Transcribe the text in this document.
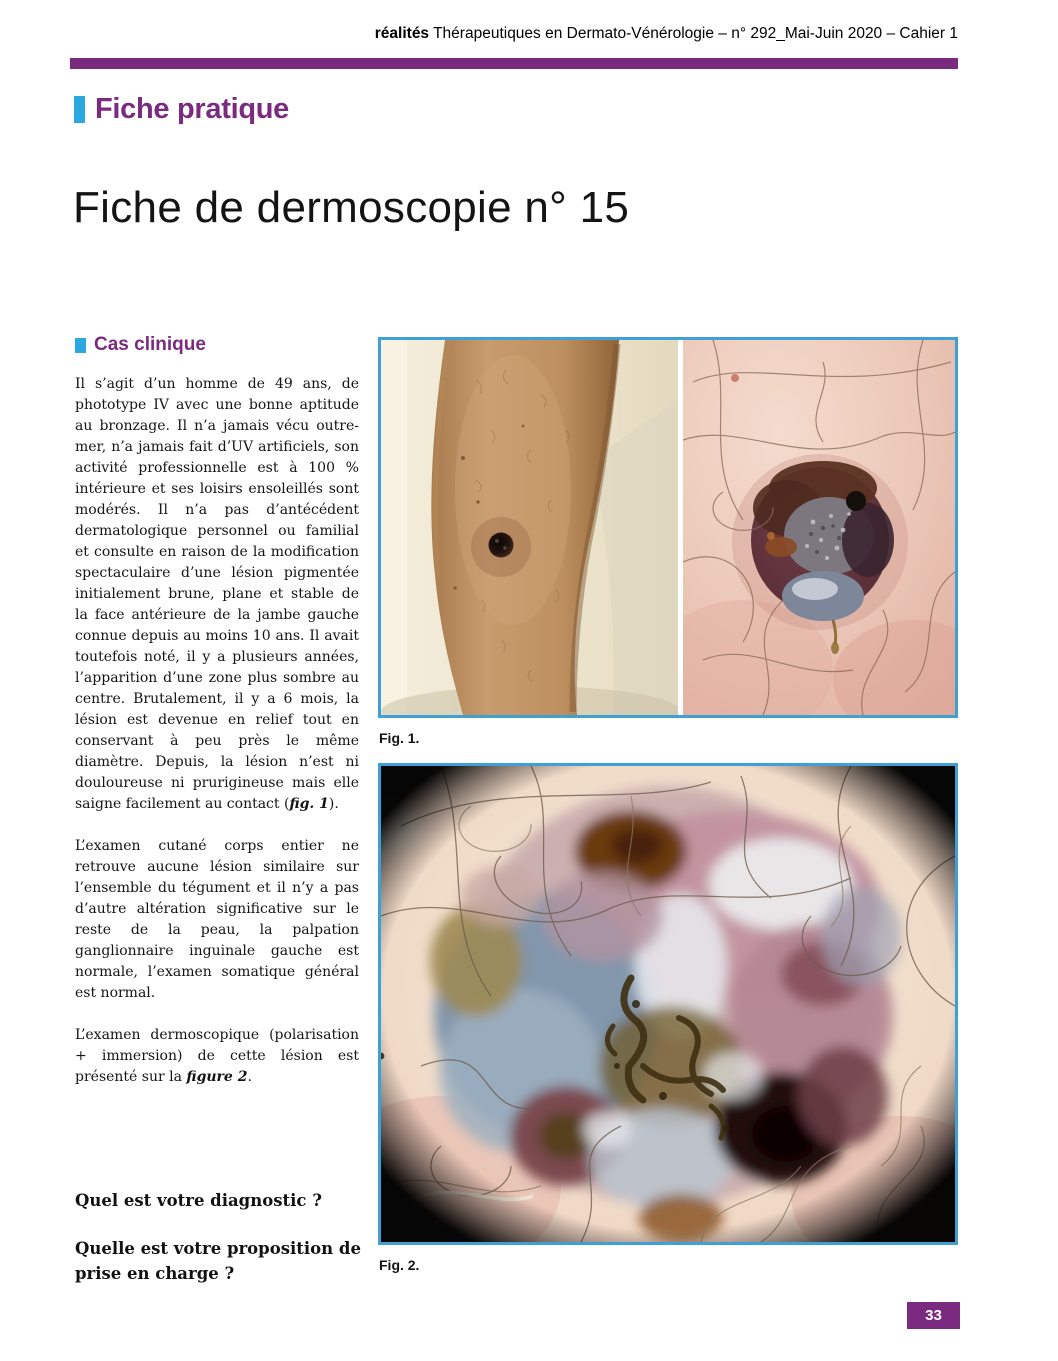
réalités Thérapeutiques en Dermato-Vénérologie – n° 292_Mai-Juin 2020 – Cahier 1
Fiche pratique
Fiche de dermoscopie n° 15
Cas clinique

Il s’agit d’un homme de 49 ans, de phototype IV avec une bonne aptitude au bronzage. Il n’a jamais vécu outre-mer, n’a jamais fait d’UV artificiels, son activité professionnelle est à 100 % intérieure et ses loisirs ensoleillés sont modérés. Il n’a pas d’antécédent dermatologique personnel ou familial et consulte en raison de la modification spectaculaire d’une lésion pigmentée initialement brune, plane et stable de la face antérieure de la jambe gauche connue depuis au moins 10 ans. Il avait toutefois noté, il y a plusieurs années, l’apparition d’une zone plus sombre au centre. Brutalement, il y a 6 mois, la lésion est devenue en relief tout en conservant à peu près le même diamètre. Depuis, la lésion n’est ni douloureuse ni prurigineuse mais elle saigne facilement au contact (fig. 1).

L’examen cutané corps entier ne retrouve aucune lésion similaire sur l’ensemble du tégument et il n’y a pas d’autre altération significative sur le reste de la peau, la palpation ganglionnaire inguinale gauche est normale, l’examen somatique général est normal.

L’examen dermoscopique (polarisation + immersion) de cette lésion est présenté sur la figure 2.

Quel est votre diagnostic ?
Quelle est votre proposition de prise en charge ?
Fig. 1.
Fig. 2.
33
